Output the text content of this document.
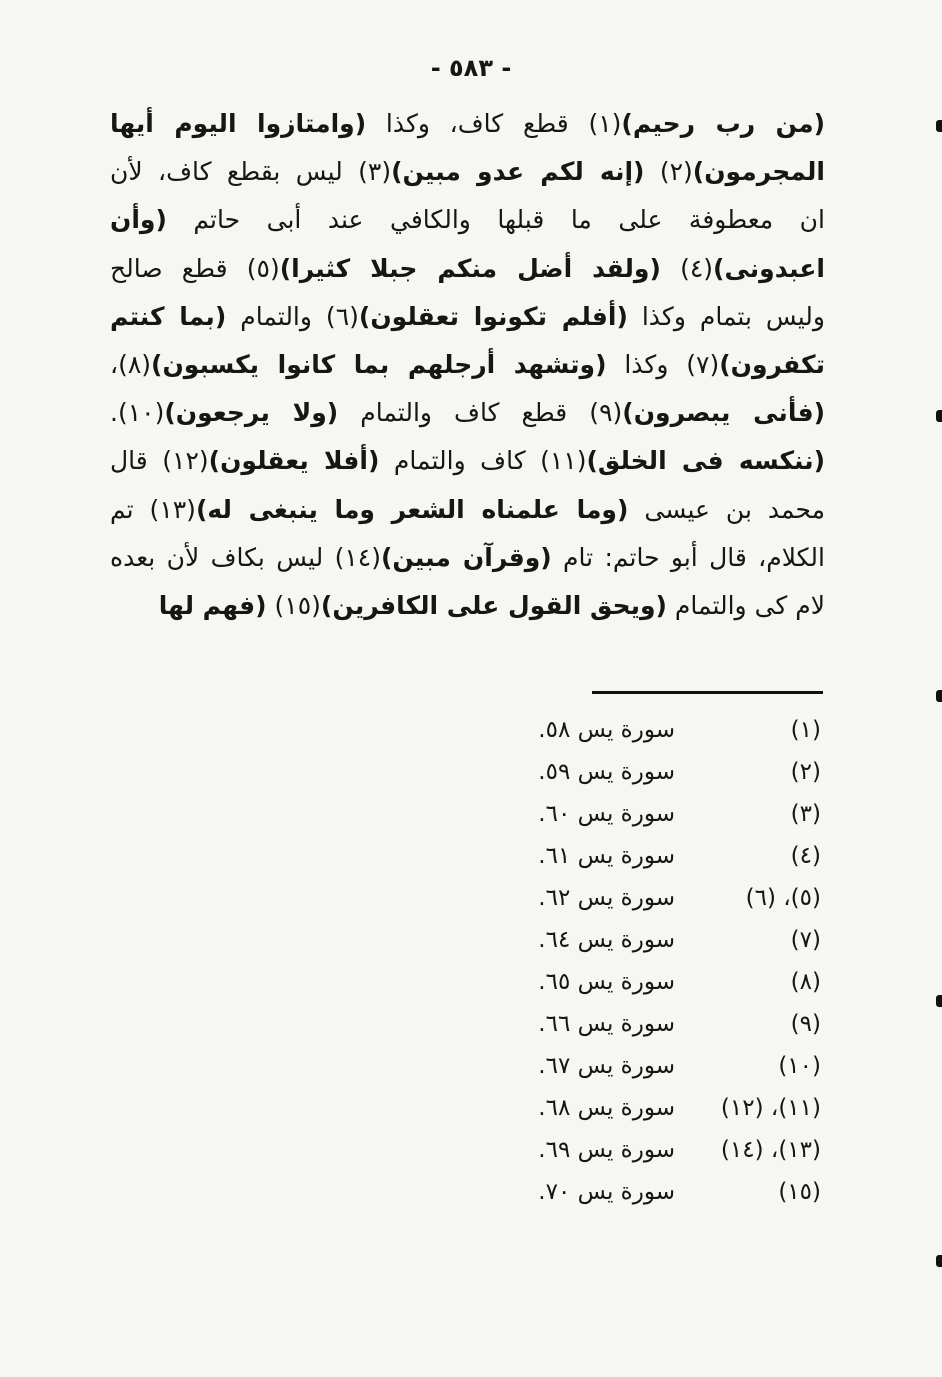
- ٥٨٣ -
(من رب رحيم)(١) قطع كاف، وكذا (وامتازوا اليوم أيها
المجرمون)(٢) (إنه لكم عدو مبين)(٣) ليس بقطع كاف، لأن
ان معطوفة على ما قبلها والكافي عند أبى حاتم (وأن
اعبدونى)(٤) (ولقد أضل منكم جبلا كثيرا)(٥) قطع صالح
وليس بتمام وكذا (أفلم تكونوا تعقلون)(٦) والتمام (بما كنتم
تكفرون)(٧) وكذا (وتشهد أرجلهم بما كانوا يكسبون)(٨)،
(فأنى يبصرون)(٩) قطع كاف والتمام (ولا يرجعون)(١٠).
(ننكسه فى الخلق)(١١) كاف والتمام (أفلا يعقلون)(١٢) قال
محمد بن عيسى (وما علمناه الشعر وما ينبغى له)(١٣) تم
الكلام، قال أبو حاتم: تام (وقرآن مبين)(١٤) ليس بكاف لأن بعده
لام كى والتمام (ويحق القول على الكافرين)(١٥) (فهم لها
(١)
سورة يس ٥٨.
(٢)
سورة يس ٥٩.
(٣)
سورة يس ٦٠.
(٤)
سورة يس ٦١.
(٥)، (٦)
سورة يس ٦٢.
(٧)
سورة يس ٦٤.
(٨)
سورة يس ٦٥.
(٩)
سورة يس ٦٦.
(١٠)
سورة يس ٦٧.
(١١)، (١٢)
سورة يس ٦٨.
(١٣)، (١٤)
سورة يس ٦٩.
(١٥)
سورة يس ٧٠.
